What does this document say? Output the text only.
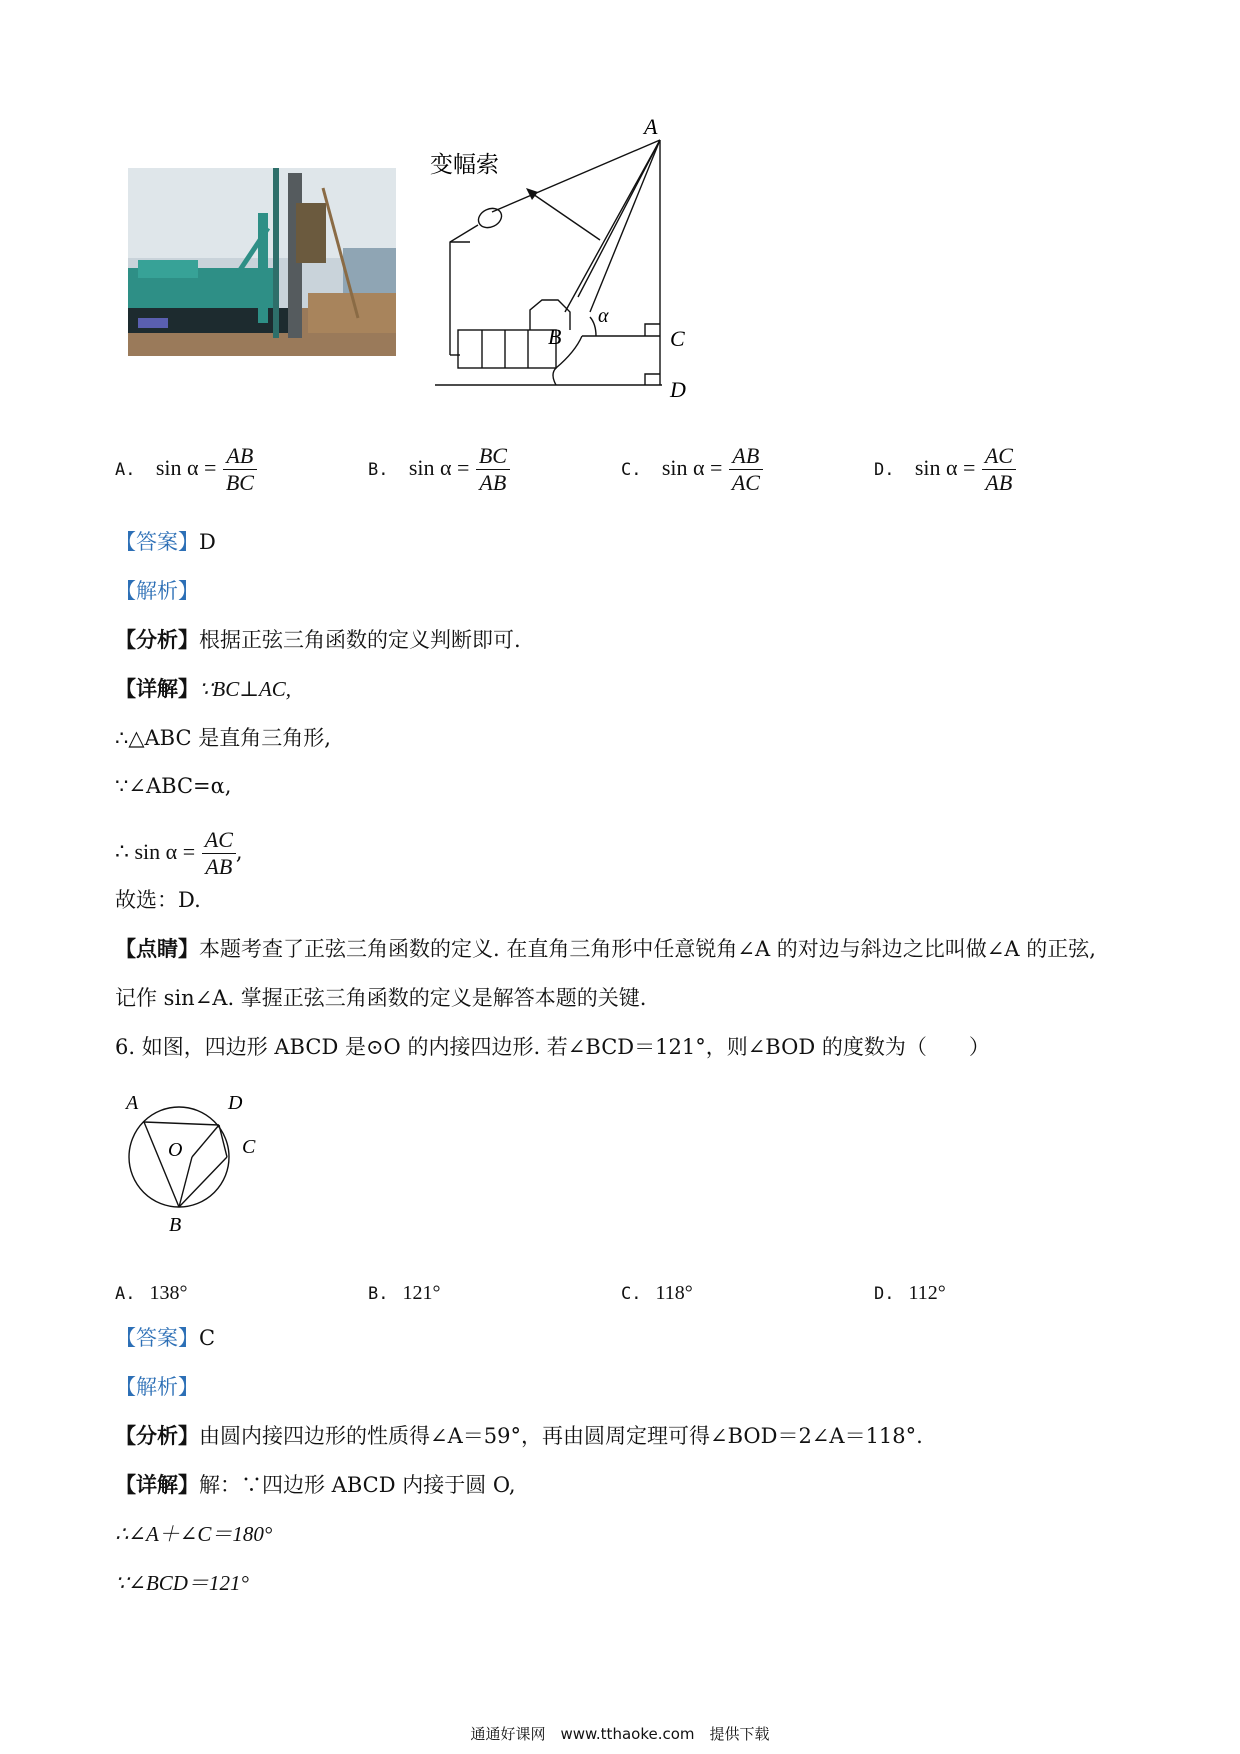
A
变幅索
B
α
C
D
A. $\sin \alpha = \frac{AB}{BC}$	B. $\sin \alpha = \frac{BC}{AB}$	C. $\sin \alpha = \frac{AB}{AC}$	D. $\sin \alpha = \frac{AC}{AB}$
【答案】D
【解析】
【分析】根据正弦三角函数的定义判断即可.
【详解】∵BC⊥AC,
∴△ABC 是直角三角形,
∵∠ABC=α,
∴ $\sin \alpha = \frac{AC}{AB}$ ,
故选：D.
【点睛】本题考查了正弦三角函数的定义. 在直角三角形中任意锐角∠A 的对边与斜边之比叫做∠A 的正弦,
记作 sin∠A. 掌握正弦三角函数的定义是解答本题的关键.
6. 如图，四边形 ABCD 是⊙O 的内接四边形. 若∠BCD＝121°，则∠BOD 的度数为（　　）
A	D
C
O
B
A. 138°	B. 121°	C. 118°	D. 112°
【答案】C
【解析】
【分析】由圆内接四边形的性质得∠A＝59°，再由圆周定理可得∠BOD＝2∠A＝118°.
【详解】解：∵四边形 ABCD 内接于圆 O,
∴∠A＋∠C＝180°
∵∠BCD＝121°
通通好课网　www.tthaoke.com　提供下载
